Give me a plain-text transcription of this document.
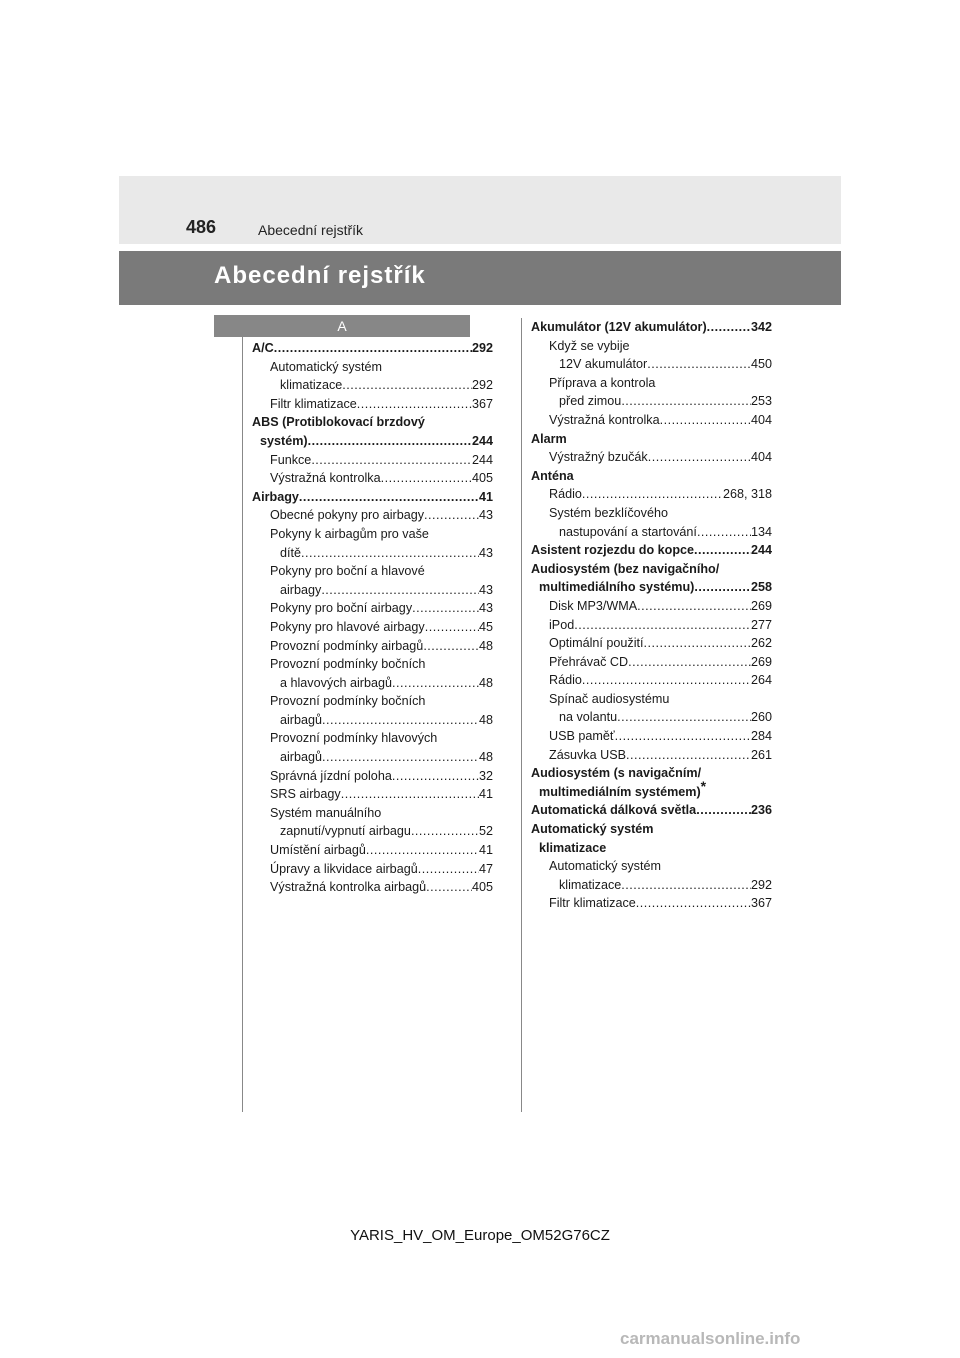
486	Abecední rejstřík
Abecední rejstřík
A
A/C .....	292
Automatický systém
klimatizace .....	292
Filtr klimatizace .....	367
ABS (Protiblokovací brzdový
systém) .....	244
Funkce .....	244
Výstražná kontrolka .....	405
Airbagy .....	41
Obecné pokyny pro airbagy .....	43
Pokyny k airbagům pro vaše
dítě .....	43
Pokyny pro boční a hlavové
airbagy .....	43
Pokyny pro boční airbagy .....	43
Pokyny pro hlavové airbagy .....	45
Provozní podmínky airbagů .....	48
Provozní podmínky bočních
a hlavových airbagů .....	48
Provozní podmínky bočních
airbagů .....	48
Provozní podmínky hlavových
airbagů .....	48
Správná jízdní poloha .....	32
SRS airbagy .....	41
Systém manuálního
zapnutí/vypnutí airbagu .....	52
Umístění airbagů .....	41
Úpravy a likvidace airbagů .....	47
Výstražná kontrolka airbagů .....	405
Akumulátor (12V akumulátor) .....	342
Když se vybije
12V akumulátor .....	450
Příprava a kontrola
před zimou .....	253
Výstražná kontrolka .....	404
Alarm
Výstražný bzučák .....	404
Anténa
Rádio .....	268, 318
Systém bezklíčového
nastupování a startování .....	134
Asistent rozjezdu do kopce .....	244
Audiosystém (bez navigačního/
multimediálního systému) .....	258
Disk MP3/WMA .....	269
iPod .....	277
Optimální použití .....	262
Přehrávač CD .....	269
Rádio .....	264
Spínač audiosystému
na volantu .....	260
USB paměť .....	284
Zásuvka USB .....	261
Audiosystém (s navigačním/
multimediálním systémem)*
Automatická dálková světla .....	236
Automatický systém
klimatizace
Automatický systém
klimatizace .....	292
Filtr klimatizace .....	367
YARIS_HV_OM_Europe_OM52G76CZ
carmanualsonline.info
